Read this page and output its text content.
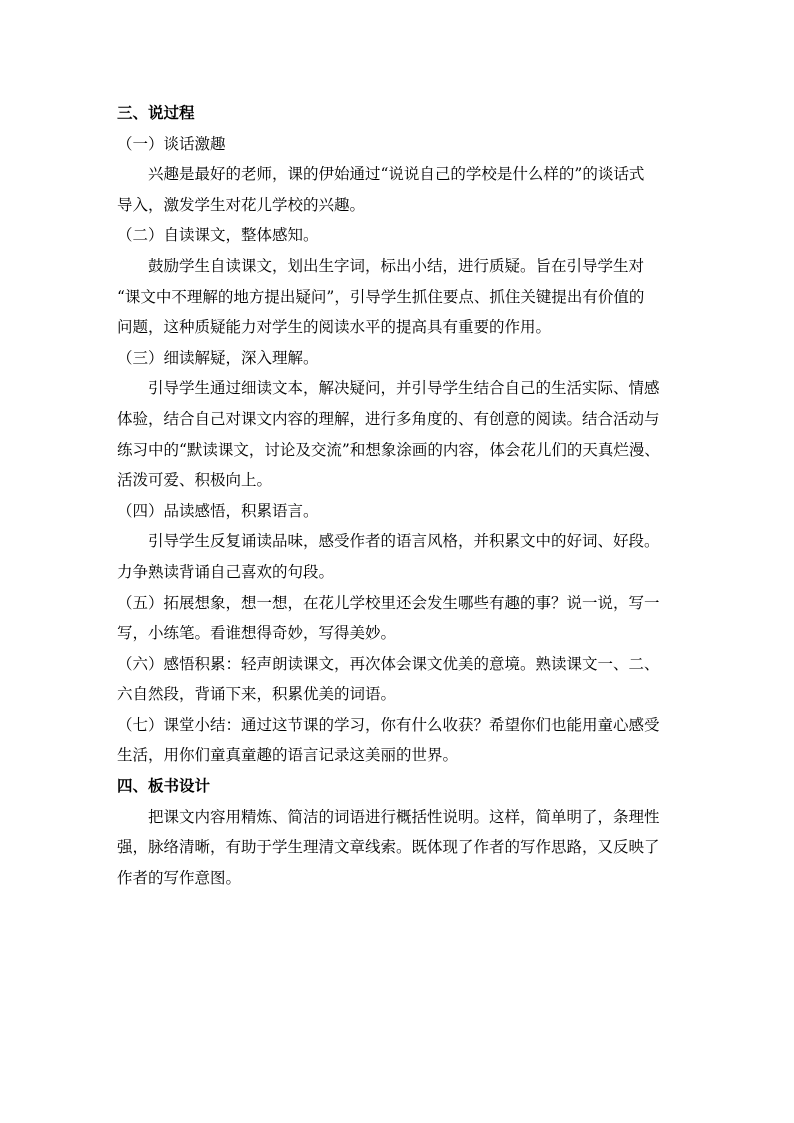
三、说过程
（一）谈话激趣
兴趣是最好的老师，课的伊始通过“说说自己的学校是什么样的”的谈话式
导入，激发学生对花儿学校的兴趣。
（二）自读课文，整体感知。
鼓励学生自读课文，划出生字词，标出小结，进行质疑。旨在引导学生对
“课文中不理解的地方提出疑问”，引导学生抓住要点、抓住关键提出有价值的
问题，这种质疑能力对学生的阅读水平的提高具有重要的作用。
（三）细读解疑，深入理解。
引导学生通过细读文本，解决疑问，并引导学生结合自己的生活实际、情感
体验，结合自己对课文内容的理解，进行多角度的、有创意的阅读。结合活动与
练习中的“默读课文，讨论及交流”和想象涂画的内容，体会花儿们的天真烂漫、
活泼可爱、积极向上。
（四）品读感悟，积累语言。
引导学生反复诵读品味，感受作者的语言风格，并积累文中的好词、好段。
力争熟读背诵自己喜欢的句段。
（五）拓展想象，想一想，在花儿学校里还会发生哪些有趣的事？说一说，写一
写，小练笔。看谁想得奇妙，写得美妙。
（六）感悟积累：轻声朗读课文，再次体会课文优美的意境。熟读课文一、二、
六自然段，背诵下来，积累优美的词语。
（七）课堂小结：通过这节课的学习，你有什么收获？希望你们也能用童心感受
生活，用你们童真童趣的语言记录这美丽的世界。
四、板书设计
把课文内容用精炼、简洁的词语进行概括性说明。这样，简单明了，条理性
强，脉络清晰，有助于学生理清文章线索。既体现了作者的写作思路，又反映了
作者的写作意图。
